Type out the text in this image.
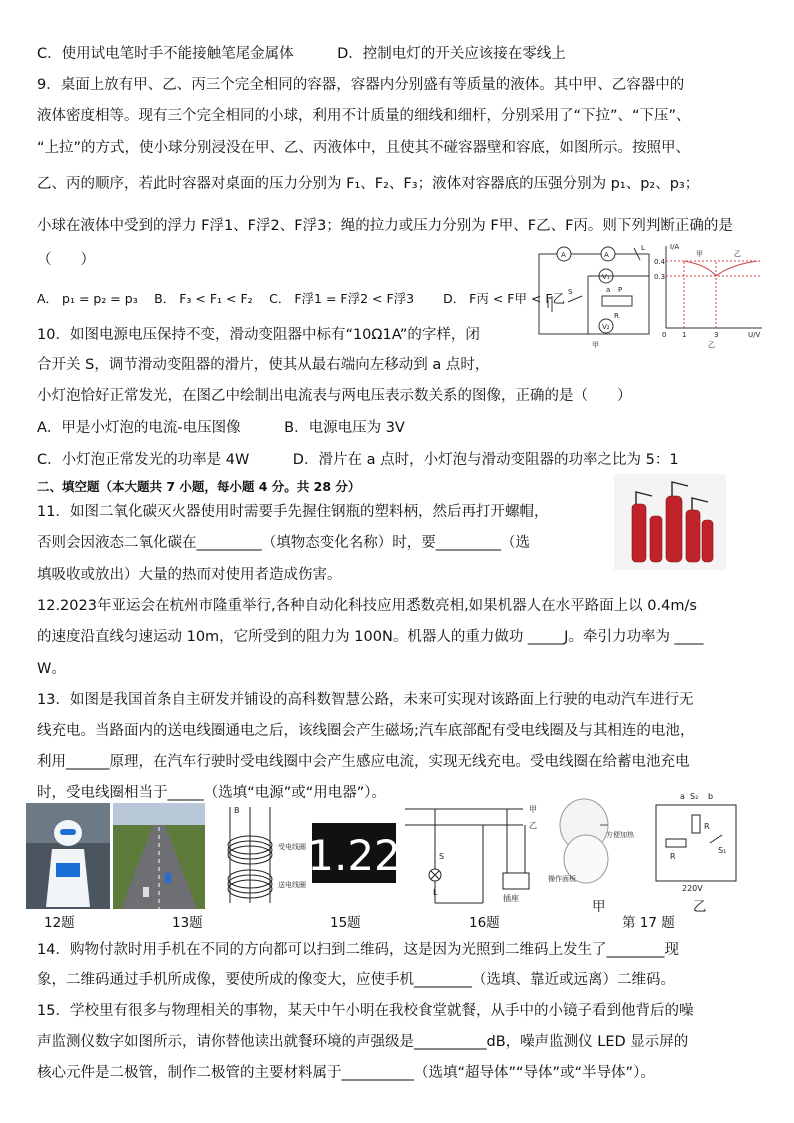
C．使用试电笔时手不能接触笔尾金属体　　　D．控制电灯的开关应该接在零线上
9．桌面上放有甲、乙、丙三个完全相同的容器，容器内分别盛有等质量的液体。其中甲、乙容器中的
液体密度相等。现有三个完全相同的小球，利用不计质量的细线和细杆，分别采用了“下拉”、“下压”、
“上拉”的方式，使小球分别浸没在甲、乙、丙液体中，且使其不碰容器壁和容底，如图所示。按照甲、
乙、丙的顺序，若此时容器对桌面的压力分别为 F₁、F₂、F₃；液体对容器底的压强分别为 p₁、p₂、p₃；
小球在液体中受到的浮力 F浮1、F浮2、F浮3；绳的拉力或压力分别为 F甲、F乙、F丙。则下列判断正确的是
（　　）
A． p₁ = p₂ = p₃　 B． F₃ < F₁ < F₂　 C． F浮1 = F浮2 < F浮3　　 D． F丙 < F甲 < F乙
10．如图电源电压保持不变，滑动变阻器中标有“10Ω1A”的字样，闭
合开关 S，调节滑动变阻器的滑片，使其从最右端向左移动到 a 点时，
小灯泡恰好正常发光，在图乙中绘制出电流表与两电压表示数关系的图像，正确的是（　　）
A．甲是小灯泡的电流-电压图像　　　B．电源电压为 3V
C．小灯泡正常发光的功率是 4W　　　D．滑片在 a 点时，小灯泡与滑动变阻器的功率之比为 5：1
二、填空题（本大题共 7 小题，每小题 4 分。共 28 分）
11．如图二氧化碳灭火器使用时需要手先握住钢瓶的塑料柄，然后再打开螺帽，
否则会因液态二氧化碳在_________（填物态变化名称）时，要_________（选
填吸收或放出）大量的热而对使用者造成伤害。
12.2023年亚运会在杭州市隆重举行,各种自动化科技应用悉数亮相,如果机器人在水平路面上以 0.4m/s
的速度沿直线匀速运动 10m，它所受到的阻力为 100N。机器人的重力做功 _____J。牵引力功率为 ____
W。
13．如图是我国首条自主研发并铺设的高科数智慧公路，未来可实现对该路面上行驶的电动汽车进行无
线充电。当路面内的送电线圈通电之后，该线圈会产生磁场;汽车底部配有受电线圈及与其相连的电池，
利用______原理，在汽车行驶时受电线圈中会产生感应电流，实现无线充电。受电线圈在给蓄电池充电
时，受电线圈相当于_____（选填“电源”或“用电器”）。
14．购物付款时用手机在不同的方向都可以扫到二维码，这是因为光照到二维码上发生了________现
象，二维码通过手机所成像，要使所成的像变大，应使手机________（选填、靠近或远离）二维码。
15．学校里有很多与物理相关的事物，某天中午小明在我校食堂就餐，从手中的小镜子看到他背后的噪
声监测仪数字如图所示，请你替他读出就餐环境的声强级是__________dB，噪声监测仪 LED 显示屏的
核心元件是二极管，制作二极管的主要材料属于__________（选填“超导体”“导体”或“半导体”）。
A	A
V₁
V₂
L
S	a P
R
甲
I/A
U/V
0.4
0.3
0 1	3
甲	乙
乙
B
受电线圈
送电线圈
1.22
甲
乙
S
L
插座
方便加热
操作面板
a	b
S₂
R
R
S₁
220V
12题	13题	15题	16题
甲
第 17 题
乙
